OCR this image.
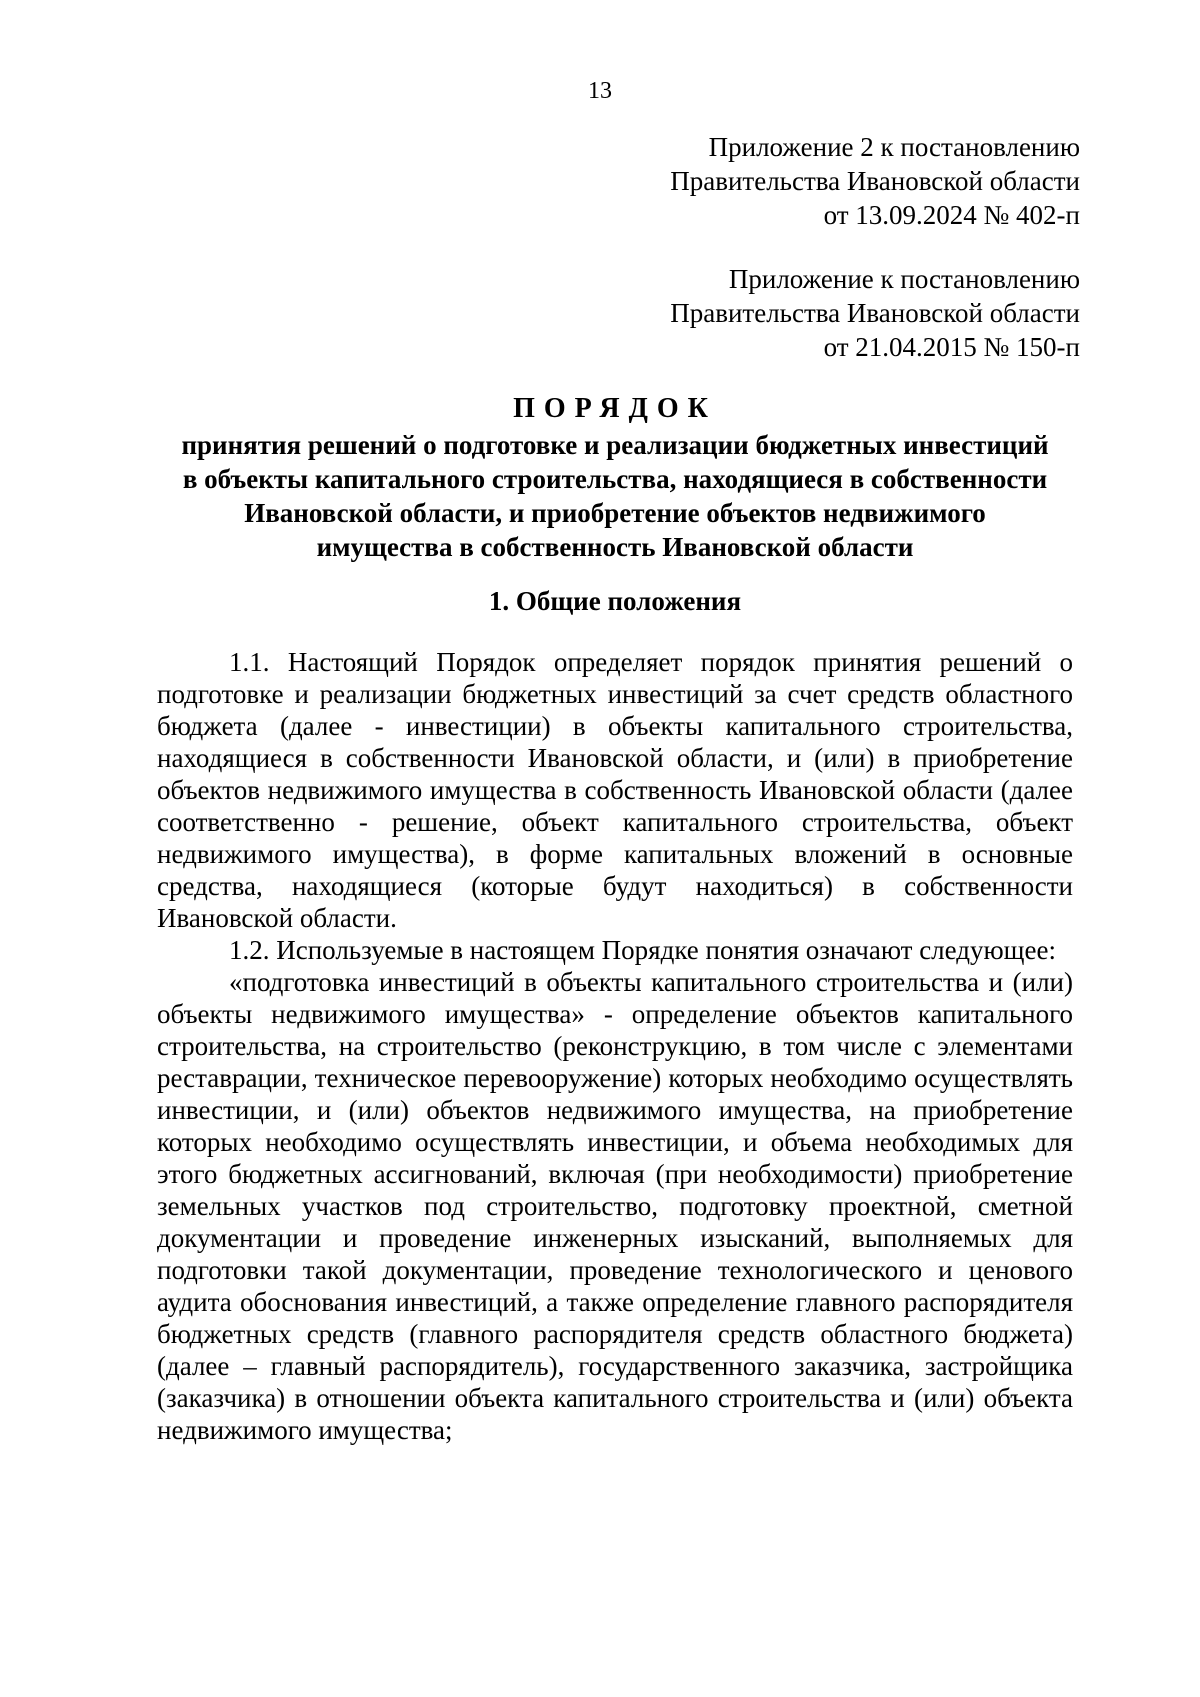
13
Приложение 2 к постановлению
Правительства Ивановской области
от 13.09.2024 № 402-п
Приложение к постановлению
Правительства Ивановской области
от 21.04.2015 № 150-п
ПОРЯДОК
принятия решений о подготовке и реализации бюджетных инвестиций
в объекты капитального строительства, находящиеся в собственности
Ивановской области, и приобретение объектов недвижимого
имущества в собственность Ивановской области
1. Общие положения

1.1. Настоящий Порядок определяет порядок принятия решений о подготовке и реализации бюджетных инвестиций за счет средств областного бюджета (далее - инвестиции) в объекты капитального строительства, находящиеся в собственности Ивановской области, и (или) в приобретение объектов недвижимого имущества в собственность Ивановской области (далее соответственно - решение, объект капитального строительства, объект недвижимого имущества), в форме капитальных вложений в основные средства, находящиеся (которые будут находиться) в собственности Ивановской области.

1.2. Используемые в настоящем Порядке понятия означают следующее:

«подготовка инвестиций в объекты капитального строительства и (или) объекты недвижимого имущества» - определение объектов капитального строительства, на строительство (реконструкцию, в том числе с элементами реставрации, техническое перевооружение) которых необходимо осуществлять инвестиции, и (или) объектов недвижимого имущества, на приобретение которых необходимо осуществлять инвестиции, и объема необходимых для этого бюджетных ассигнований, включая (при необходимости) приобретение земельных участков под строительство, подготовку проектной, сметной документации и проведение инженерных изысканий, выполняемых для подготовки такой документации, проведение технологического и ценового аудита обоснования инвестиций, а также определение главного распорядителя бюджетных средств (главного распорядителя средств областного бюджета) (далее – главный распорядитель), государственного заказчика, застройщика (заказчика) в отношении объекта капитального строительства и (или) объекта недвижимого имущества;
